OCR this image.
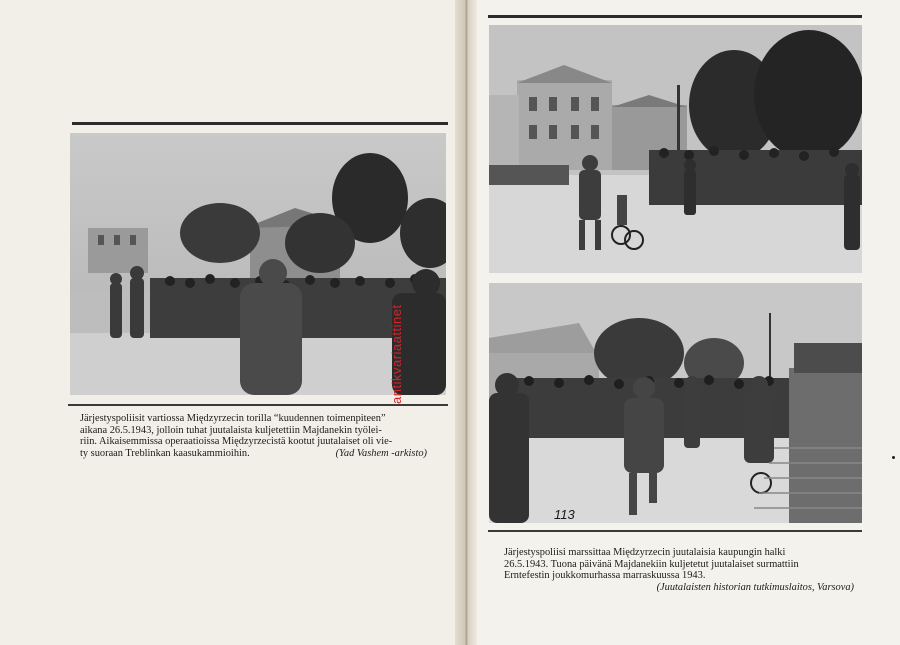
Järjestyspoliisit vartiossa Międzyrzecin torilla “kuudennen toimenpiteen”

aikana 26.5.1943, jolloin tuhat juutalaista kuljetettiin Majdanekin työlei-

riin. Aikaisemmissa operaatioissa Międzyrzecistä kootut juutalaiset oli vie-

ty suoraan Treblinkan kaasukammioihin.	(Yad Vashem -arkisto)

antikvariaattinet
113

Järjestyspoliisi marssittaa Międzyrzecin juutalaisia kaupungin halki

26.5.1943. Tuona päivänä Majdanekiin kuljetetut juutalaiset surmattiin

Erntefestin joukkomurhassa marraskuussa 1943.

(Juutalaisten historian tutkimuslaitos, Varsova)
